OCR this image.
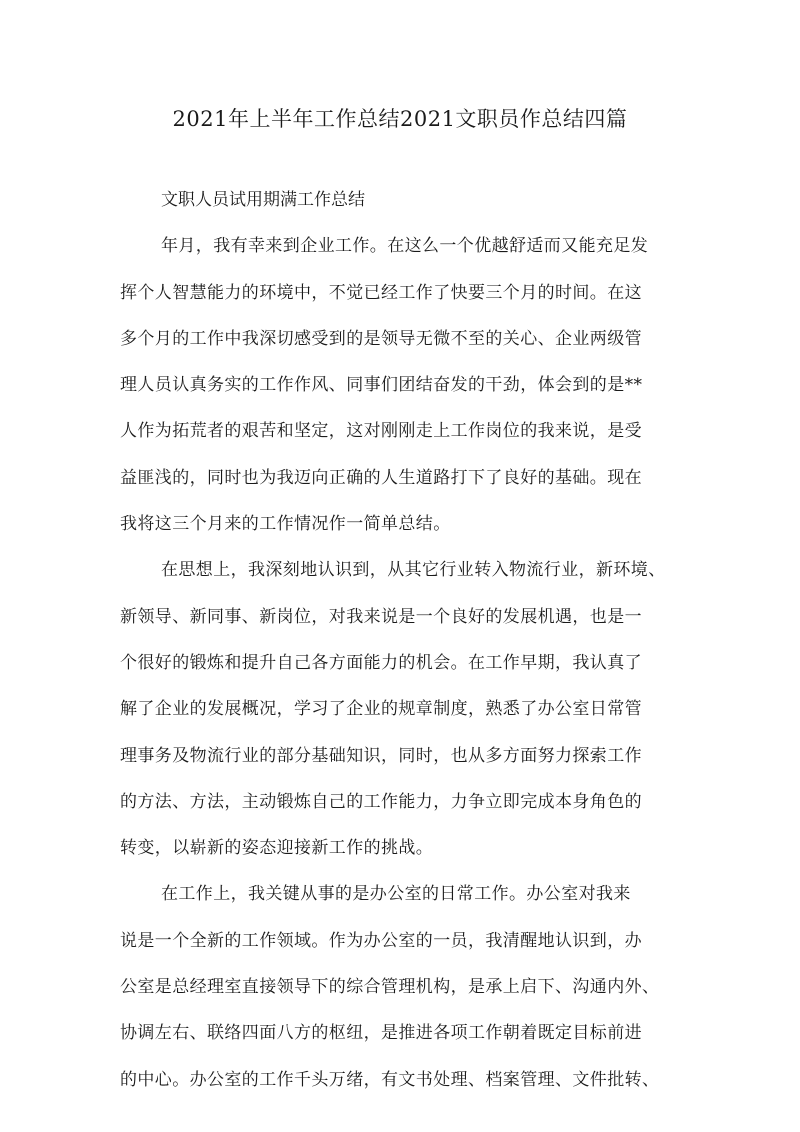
2021年上半年工作总结2021文职员作总结四篇
文职人员试用期满工作总结
年月，我有幸来到企业工作。在这么一个优越舒适而又能充足发
挥个人智慧能力的环境中，不觉已经工作了快要三个月的时间。在这
多个月的工作中我深切感受到的是领导无微不至的关心、企业两级管
理人员认真务实的工作作风、同事们团结奋发的干劲，体会到的是**
人作为拓荒者的艰苦和坚定，这对刚刚走上工作岗位的我来说，是受
益匪浅的，同时也为我迈向正确的人生道路打下了良好的基础。现在
我将这三个月来的工作情况作一简单总结。
在思想上，我深刻地认识到，从其它行业转入物流行业，新环境、
新领导、新同事、新岗位，对我来说是一个良好的发展机遇，也是一
个很好的锻炼和提升自己各方面能力的机会。在工作早期，我认真了
解了企业的发展概况，学习了企业的规章制度，熟悉了办公室日常管
理事务及物流行业的部分基础知识，同时，也从多方面努力探索工作
的方法、方法，主动锻炼自己的工作能力，力争立即完成本身角色的
转变，以崭新的姿态迎接新工作的挑战。
在工作上，我关键从事的是办公室的日常工作。办公室对我来
说是一个全新的工作领域。作为办公室的一员，我清醒地认识到，办
公室是总经理室直接领导下的综合管理机构，是承上启下、沟通内外、
协调左右、联络四面八方的枢纽，是推进各项工作朝着既定目标前进
的中心。办公室的工作千头万绪，有文书处理、档案管理、文件批转、
